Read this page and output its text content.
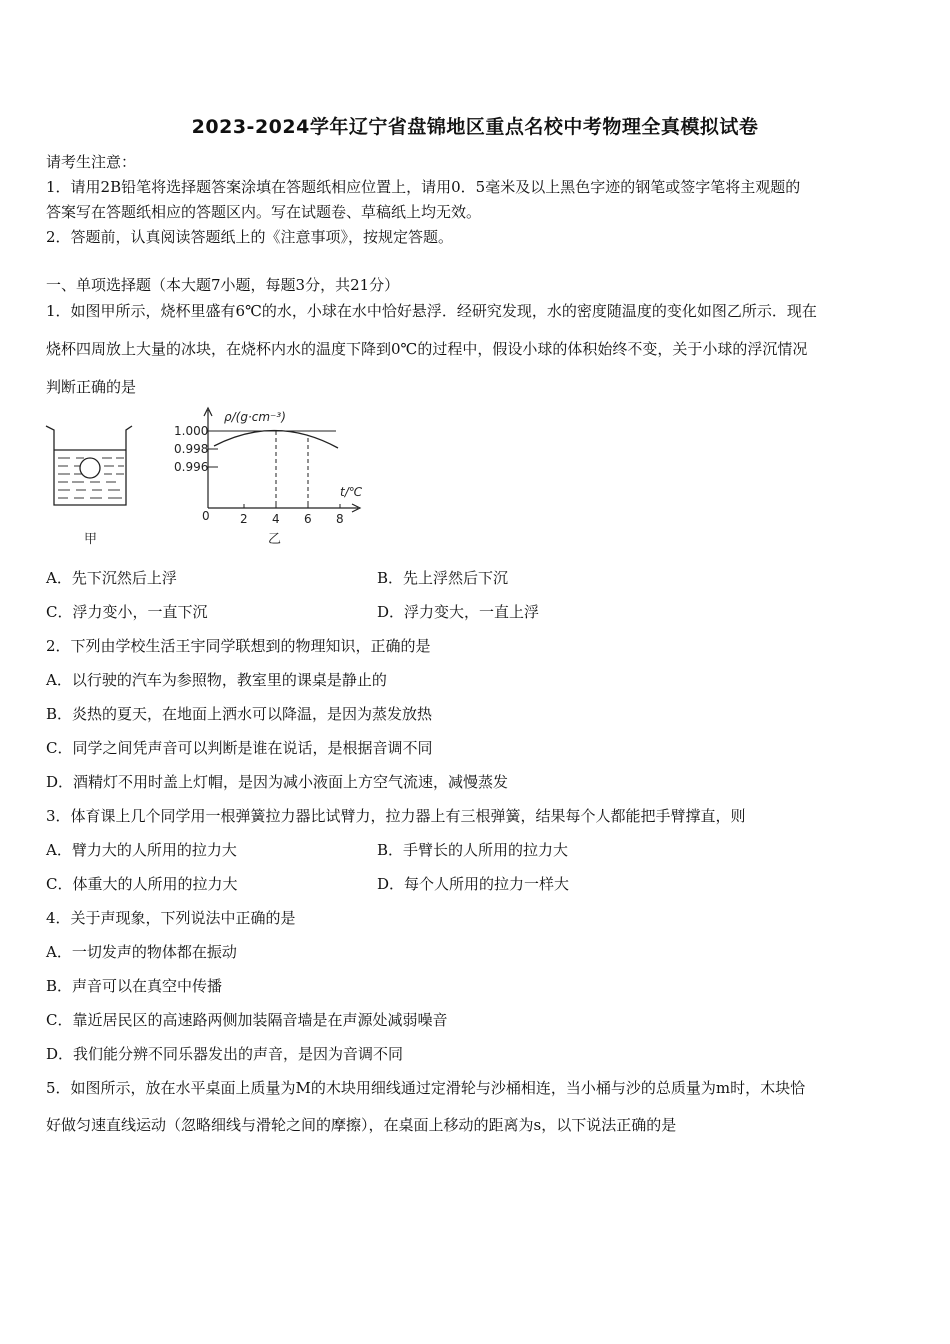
2023-2024学年辽宁省盘锦地区重点名校中考物理全真模拟试卷
请考生注意：
1．请用2B铅笔将选择题答案涂填在答题纸相应位置上，请用0．5毫米及以上黑色字迹的钢笔或签字笔将主观题的
答案写在答题纸相应的答题区内。写在试题卷、草稿纸上均无效。
2．答题前，认真阅读答题纸上的《注意事项》，按规定答题。
一、单项选择题（本大题7小题，每题3分，共21分）
1．如图甲所示，烧杯里盛有6℃的水，小球在水中恰好悬浮．经研究发现，水的密度随温度的变化如图乙所示．现在
烧杯四周放上大量的冰块，在烧杯内水的温度下降到0℃的过程中，假设小球的体积始终不变，关于小球的浮沉情况
判断正确的是
甲
ρ/(g·cm⁻³)
t/℃
1.000
0.998
0.996
0	2 4 6 8
乙
A．先下沉然后上浮	B．先上浮然后下沉
C．浮力变小，一直下沉	D．浮力变大，一直上浮
2．下列由学校生活王宇同学联想到的物理知识，正确的是
A．以行驶的汽车为参照物，教室里的课桌是静止的
B．炎热的夏天，在地面上洒水可以降温，是因为蒸发放热
C．同学之间凭声音可以判断是谁在说话，是根据音调不同
D．酒精灯不用时盖上灯帽，是因为减小液面上方空气流速，减慢蒸发
3．体育课上几个同学用一根弹簧拉力器比试臂力，拉力器上有三根弹簧，结果每个人都能把手臂撑直，则
A．臂力大的人所用的拉力大	B．手臂长的人所用的拉力大
C．体重大的人所用的拉力大	D．每个人所用的拉力一样大
4．关于声现象，下列说法中正确的是
A．一切发声的物体都在振动
B．声音可以在真空中传播
C．靠近居民区的高速路两侧加装隔音墙是在声源处减弱噪音
D．我们能分辨不同乐器发出的声音，是因为音调不同
5．如图所示，放在水平桌面上质量为M的木块用细线通过定滑轮与沙桶相连，当小桶与沙的总质量为m时，木块恰
好做匀速直线运动（忽略细线与滑轮之间的摩擦），在桌面上移动的距离为s，以下说法正确的是
